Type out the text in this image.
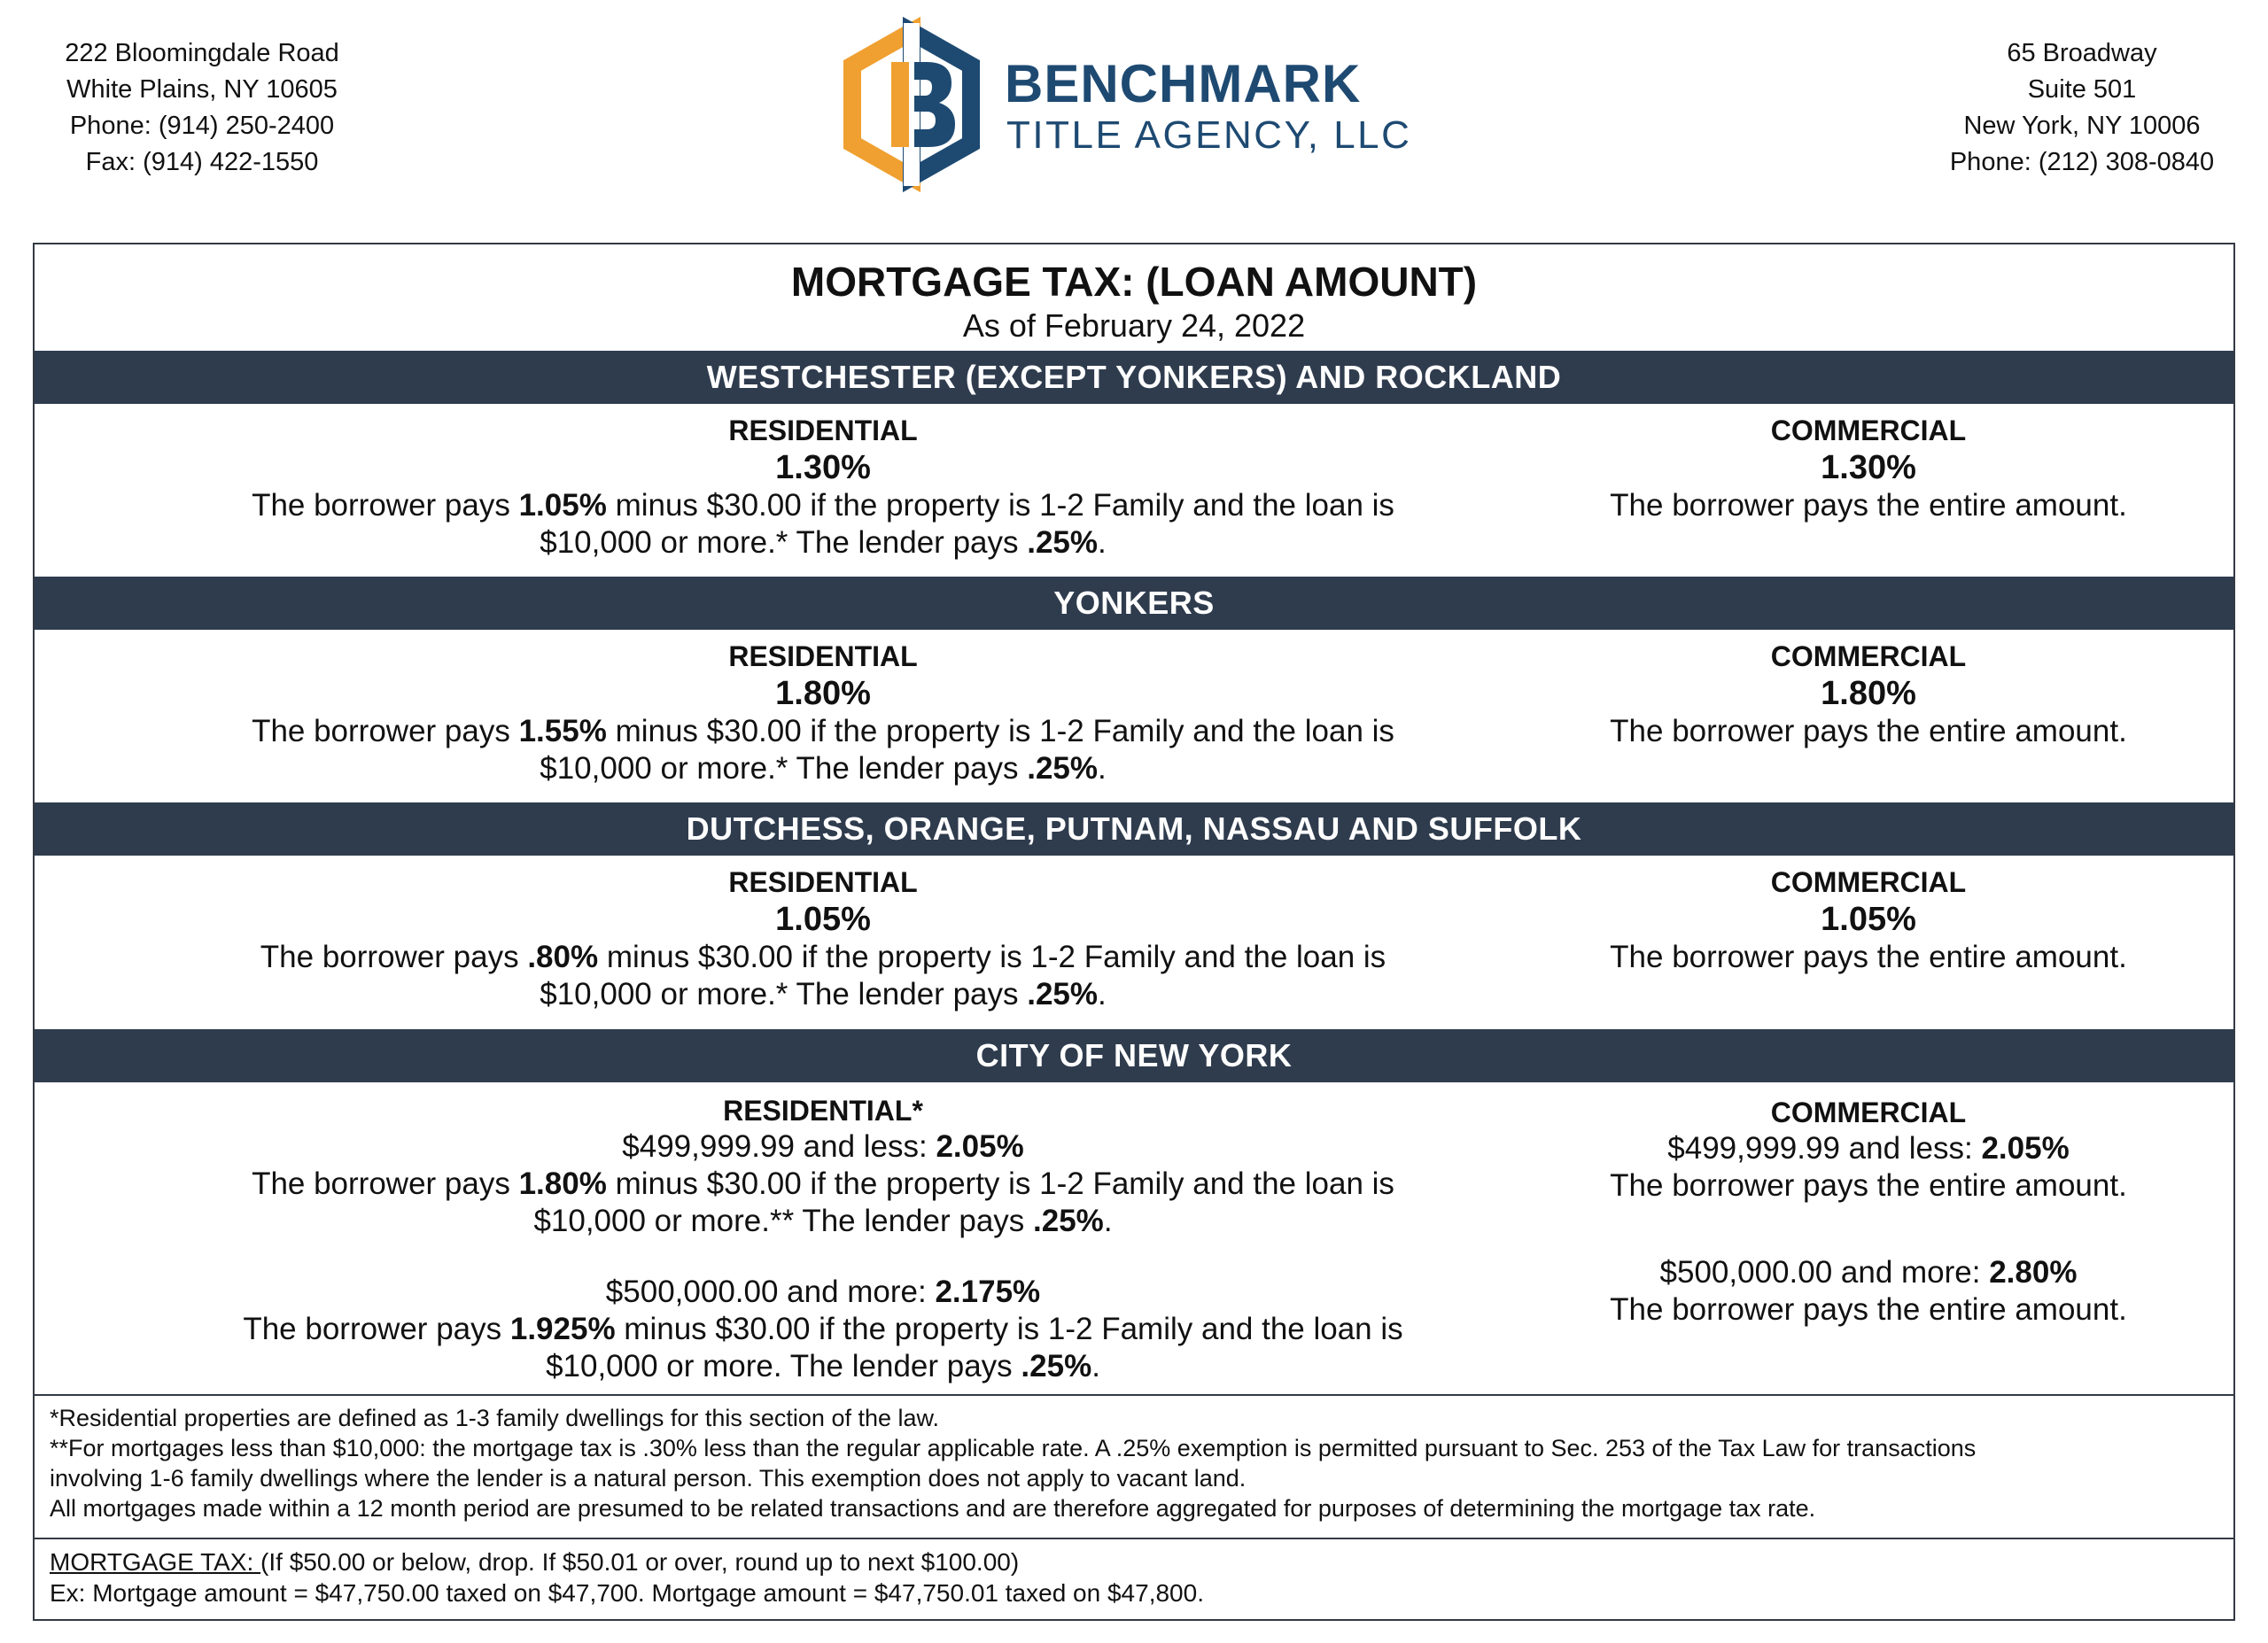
222 Bloomingdale Road
White Plains, NY 10605
Phone: (914) 250-2400
Fax: (914) 422-1550
65 Broadway
Suite 501
New York, NY 10006
Phone: (212) 308-0840
BENCHMARK
TITLE AGENCY, LLC
MORTGAGE TAX: (LOAN AMOUNT)
As of February 24, 2022
WESTCHESTER (EXCEPT YONKERS) AND ROCKLAND
RESIDENTIAL
1.30%
The borrower pays 1.05% minus $30.00 if the property is 1-2 Family and the loan is
$10,000 or more.* The lender pays .25%.
COMMERCIAL
1.30%
The borrower pays the entire amount.
YONKERS
RESIDENTIAL
1.80%
The borrower pays 1.55% minus $30.00 if the property is 1-2 Family and the loan is
$10,000 or more.* The lender pays .25%.
COMMERCIAL
1.80%
The borrower pays the entire amount.
DUTCHESS, ORANGE, PUTNAM, NASSAU AND SUFFOLK
RESIDENTIAL
1.05%
The borrower pays .80% minus $30.00 if the property is 1-2 Family and the loan is
$10,000 or more.* The lender pays .25%.
COMMERCIAL
1.05%
The borrower pays the entire amount.
CITY OF NEW YORK
RESIDENTIAL*
$499,999.99 and less: 2.05%
The borrower pays 1.80% minus $30.00 if the property is 1-2 Family and the loan is
$10,000 or more.** The lender pays .25%.
$500,000.00 and more: 2.175%
The borrower pays 1.925% minus $30.00 if the property is 1-2 Family and the loan is
$10,000 or more. The lender pays .25%.
COMMERCIAL
$499,999.99 and less: 2.05%
The borrower pays the entire amount.
$500,000.00 and more: 2.80%
The borrower pays the entire amount.
*Residential properties are defined as 1-3 family dwellings for this section of the law.
**For mortgages less than $10,000: the mortgage tax is .30% less than the regular applicable rate. A .25% exemption is permitted pursuant to Sec. 253 of the Tax Law for transactions
involving 1-6 family dwellings where the lender is a natural person. This exemption does not apply to vacant land.
All mortgages made within a 12 month period are presumed to be related transactions and are therefore aggregated for purposes of determining the mortgage tax rate.
MORTGAGE TAX: (If $50.00 or below, drop. If $50.01 or over, round up to next $100.00)
Ex: Mortgage amount = $47,750.00 taxed on $47,700. Mortgage amount = $47,750.01 taxed on $47,800.
